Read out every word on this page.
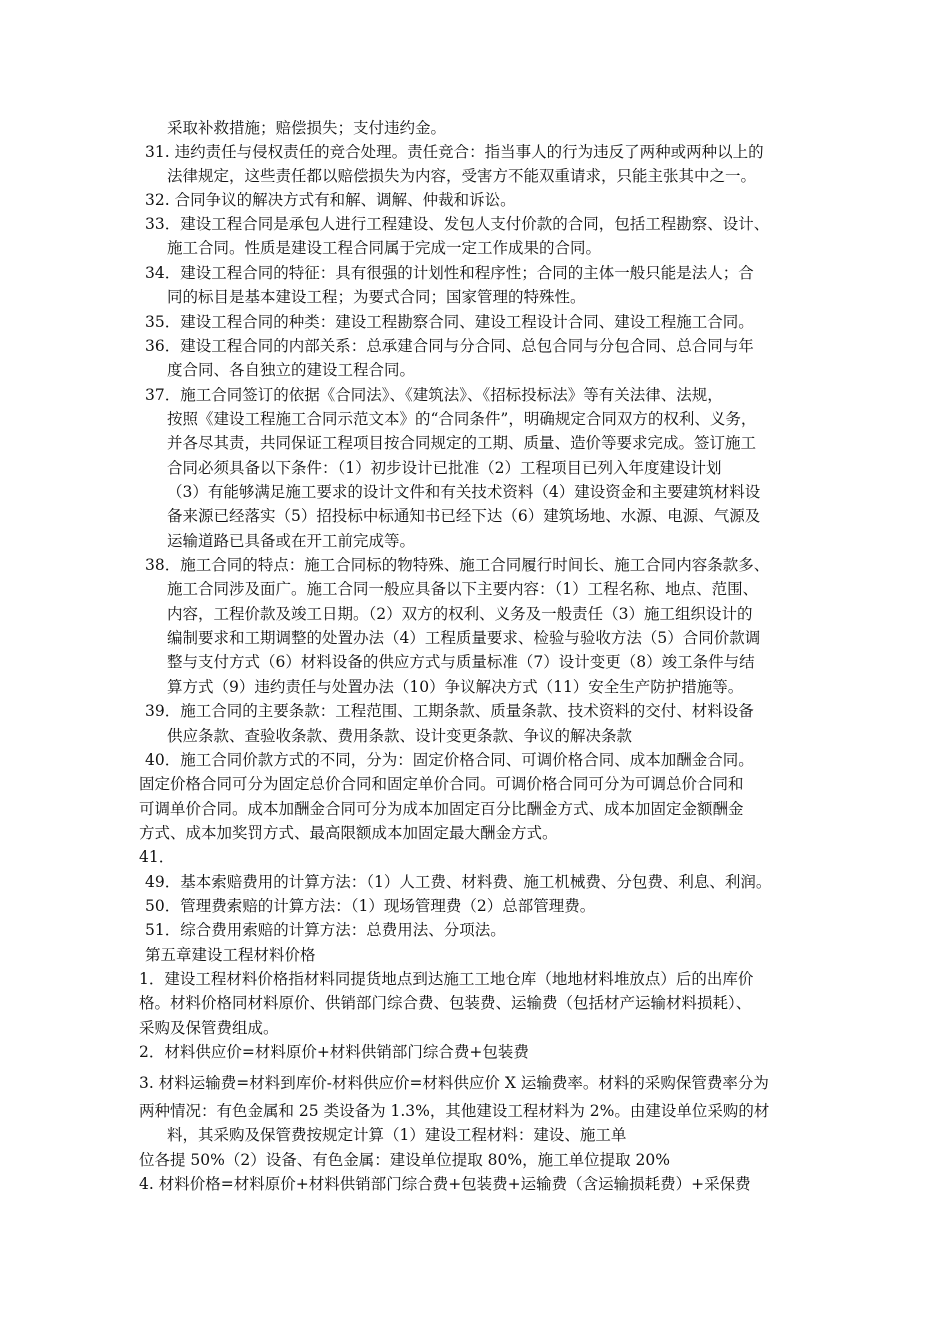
采取补救措施；赔偿损失；支付违约金。
31. 违约责任与侵权责任的竞合处理。责任竞合：指当事人的行为违反了两种或两种以上的
法律规定，这些责任都以赔偿损失为内容，受害方不能双重请求，只能主张其中之一。
32. 合同争议的解决方式有和解、调解、仲裁和诉讼。
33．建设工程合同是承包人进行工程建设、发包人支付价款的合同，包括工程勘察、设计、
施工合同。性质是建设工程合同属于完成一定工作成果的合同。
34．建设工程合同的特征：具有很强的计划性和程序性；合同的主体一般只能是法人；合
同的标目是基本建设工程；为要式合同；国家管理的特殊性。
35．建设工程合同的种类：建设工程勘察合同、建设工程设计合同、建设工程施工合同。
36．建设工程合同的内部关系：总承建合同与分合同、总包合同与分包合同、总合同与年
度合同、各自独立的建设工程合同。
37．施工合同签订的依据《合同法》、《建筑法》、《招标投标法》等有关法律、法规，
按照《建设工程施工合同示范文本》的“合同条件”，明确规定合同双方的权利、义务，
并各尽其责，共同保证工程项目按合同规定的工期、质量、造价等要求完成。签订施工
合同必须具备以下条件：（1）初步设计已批准（2）工程项目已列入年度建设计划
（3）有能够满足施工要求的设计文件和有关技术资料（4）建设资金和主要建筑材料设
备来源已经落实（5）招投标中标通知书已经下达（6）建筑场地、水源、电源、气源及
运输道路已具备或在开工前完成等。
38．施工合同的特点：施工合同标的物特殊、施工合同履行时间长、施工合同内容条款多、
施工合同涉及面广。施工合同一般应具备以下主要内容：（1）工程名称、地点、范围、
内容，工程价款及竣工日期。（2）双方的权利、义务及一般责任（3）施工组织设计的
编制要求和工期调整的处置办法（4）工程质量要求、检验与验收方法（5）合同价款调
整与支付方式（6）材料设备的供应方式与质量标准（7）设计变更（8）竣工条件与结
算方式（9）违约责任与处置办法（10）争议解决方式（11）安全生产防护措施等。
39．施工合同的主要条款：工程范围、工期条款、质量条款、技术资料的交付、材料设备
供应条款、查验收条款、费用条款、设计变更条款、争议的解决条款
40．施工合同价款方式的不同，分为：固定价格合同、可调价格合同、成本加酬金合同。
固定价格合同可分为固定总价合同和固定单价合同。可调价格合同可分为可调总价合同和
可调单价合同。成本加酬金合同可分为成本加固定百分比酬金方式、成本加固定金额酬金
方式、成本加奖罚方式、最高限额成本加固定最大酬金方式。
41．
49．基本索赔费用的计算方法：（1）人工费、材料费、施工机械费、分包费、利息、利润。
50．管理费索赔的计算方法：（1）现场管理费（2）总部管理费。
51．综合费用索赔的计算方法：总费用法、分项法。
第五章建设工程材料价格
1．建设工程材料价格指材料同提货地点到达施工工地仓库（地地材料堆放点）后的出库价
格。材料价格同材料原价、供销部门综合费、包装费、运输费（包括材产运输材料损耗）、
采购及保管费组成。
2．材料供应价=材料原价+材料供销部门综合费+包装费
3. 材料运输费=材料到库价-材料供应价=材料供应价 X 运输费率。材料的采购保管费率分为
两种情况：有色金属和 25 类设备为 1.3%，其他建设工程材料为 2%。由建设单位采购的材
料，其采购及保管费按规定计算（1）建设工程材料：建设、施工单
位各提 50%（2）设备、有色金属：建设单位提取 80%，施工单位提取 20%
4. 材料价格=材料原价+材料供销部门综合费+包装费+运输费（含运输损耗费）+采保费
